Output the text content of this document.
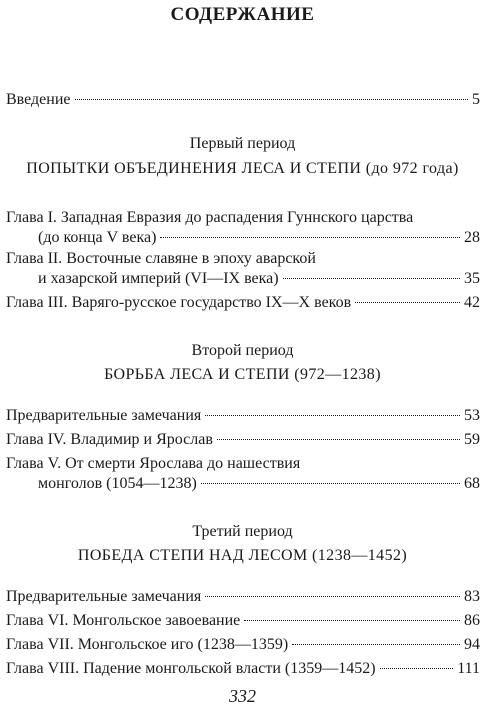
СОДЕРЖАНИЕ
Введение	5
Первый период
ПОПЫТКИ ОБЪЕДИНЕНИЯ ЛЕСА И СТЕПИ (до 972 года)
Глава I. Западная Евразия до распадения Гуннского царства
(до конца V века)	28
Глава II. Восточные славяне в эпоху аварской
и хазарской империй (VI—IX века)	35
Глава III. Варяго-русское государство IX—X веков	42
Второй период
БОРЬБА ЛЕСА И СТЕПИ (972—1238)
Предварительные замечания	53
Глава IV. Владимир и Ярослав	59
Глава V. От смерти Ярослава до нашествия
монголов (1054—1238)	68
Третий период
ПОБЕДА СТЕПИ НАД ЛЕСОМ (1238—1452)
Предварительные замечания	83
Глава VI. Монгольское завоевание	86
Глава VII. Монгольское иго (1238—1359)	94
Глава VIII. Падение монгольской власти (1359—1452)	111
332
